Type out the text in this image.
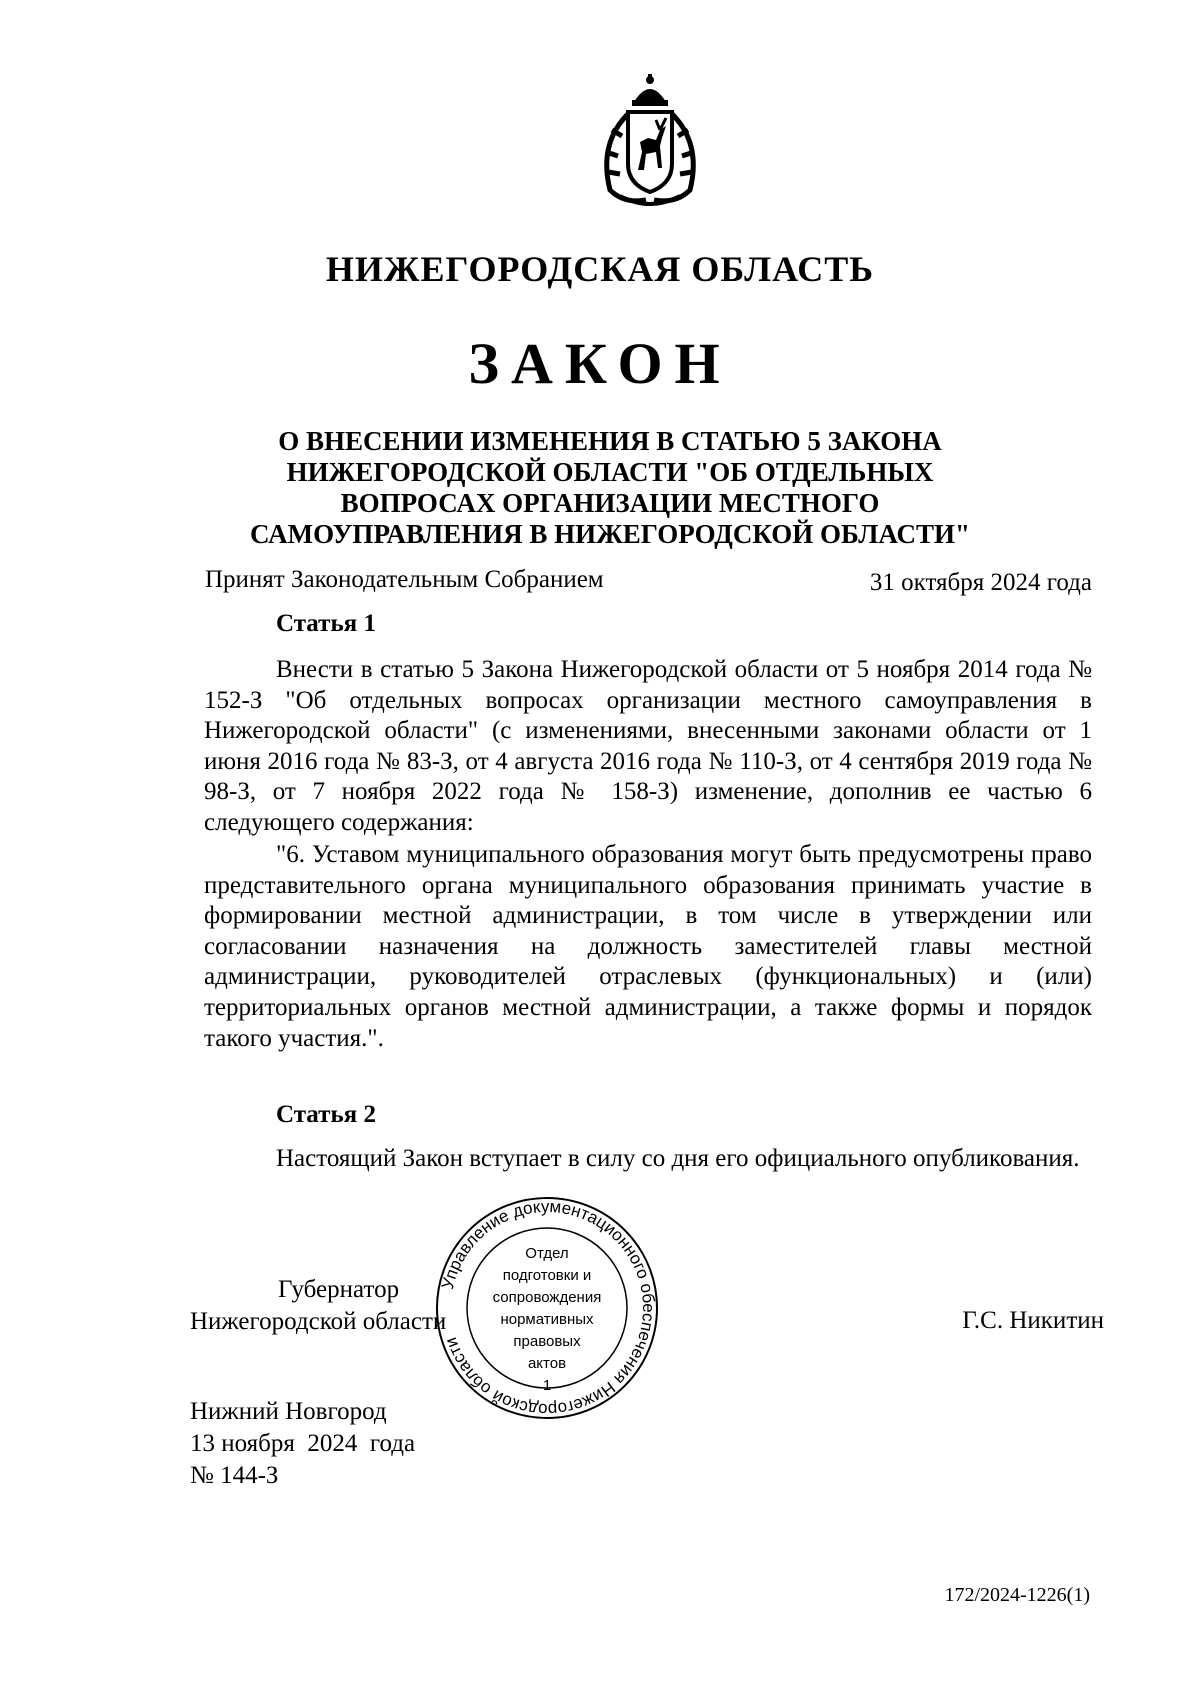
НИЖЕГОРОДСКАЯ ОБЛАСТЬ
ЗАКОН
О ВНЕСЕНИИ ИЗМЕНЕНИЯ В СТАТЬЮ 5 ЗАКОНА НИЖЕГОРОДСКОЙ ОБЛАСТИ "ОБ ОТДЕЛЬНЫХ ВОПРОСАХ ОРГАНИЗАЦИИ МЕСТНОГО САМОУПРАВЛЕНИЯ В НИЖЕГОРОДСКОЙ ОБЛАСТИ"
Принят Законодательным Собранием	31 октября 2024 года
Статья 1

Внести в статью 5 Закона Нижегородской области от 5 ноября 2014 года № 152-З "Об отдельных вопросах организации местного самоуправления в Нижегородской области" (с изменениями, внесенными законами области от 1 июня 2016 года № 83-З, от 4 августа 2016 года № 110-З, от 4 сентября 2019 года № 98-З, от 7 ноября 2022 года № 158-З) изменение, дополнив ее частью 6 следующего содержания:

"6. Уставом муниципального образования могут быть предусмотрены право представительного органа муниципального образования принимать участие в формировании местной администрации, в том числе в утверждении или согласовании назначения на должность заместителей главы местной администрации, руководителей отраслевых (функциональных) и (или) территориальных органов местной администрации, а также формы и порядок такого участия.".

Статья 2

Настоящий Закон вступает в силу со дня его официального опубликования.

Губернатор
Нижегородской области	Г.С. Никитин
Управление документационного обеспечения Нижегородской области
Отдел
подготовки и
сопровождения
нормативных
правовых
актов
1
Нижний Новгород
13 ноября  2024  года
№ 144-З
172/2024-1226(1)
